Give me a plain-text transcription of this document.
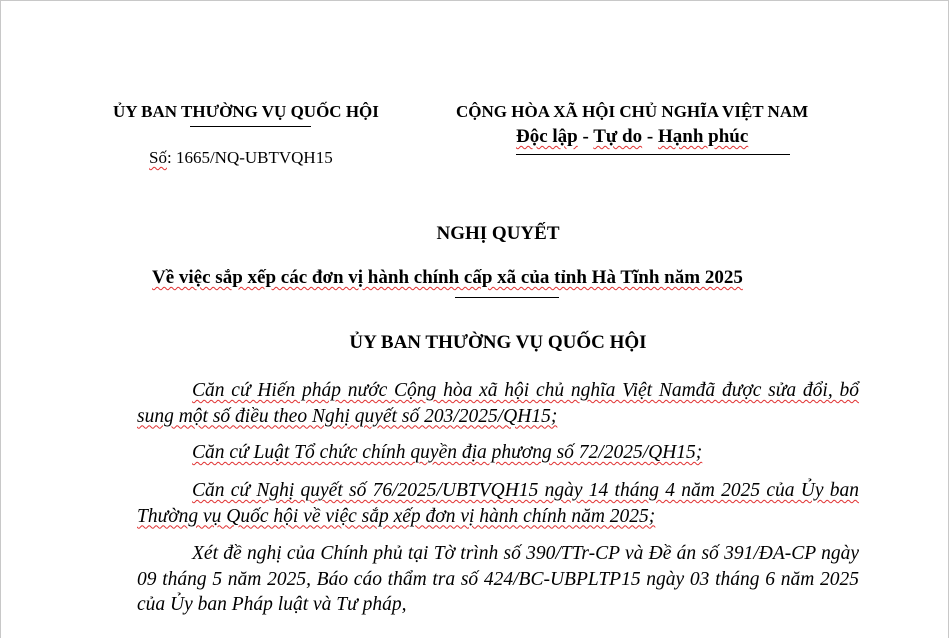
ỦY BAN THƯỜNG VỤ QUỐC HỘI
Số: 1665/NQ-UBTVQH15
CỘNG HÒA XÃ HỘI CHỦ NGHĨA VIỆT NAM
Độc lập - Tự do - Hạnh phúc
NGHỊ QUYẾT
Về việc sắp xếp các đơn vị hành chính cấp xã của tỉnh Hà Tĩnh năm 2025
ỦY BAN THƯỜNG VỤ QUỐC HỘI
Căn cứ Hiến pháp nước Cộng hòa xã hội chủ nghĩa Việt Namđã được sửa đổi, bổ sung một số điều theo Nghị quyết số 203/2025/QH15;
Căn cứ Luật Tổ chức chính quyền địa phương số 72/2025/QH15;
Căn cứ Nghị quyết số 76/2025/UBTVQH15 ngày 14 tháng 4 năm 2025 của Ủy ban Thường vụ Quốc hội về việc sắp xếp đơn vị hành chính năm 2025;
Xét đề nghị của Chính phủ tại Tờ trình số 390/TTr-CP và Đề án số 391/ĐA-CP ngày 09 tháng 5 năm 2025, Báo cáo thẩm tra số 424/BC-UBPLTP15 ngày 03 tháng 6 năm 2025 của Ủy ban Pháp luật và Tư pháp,
